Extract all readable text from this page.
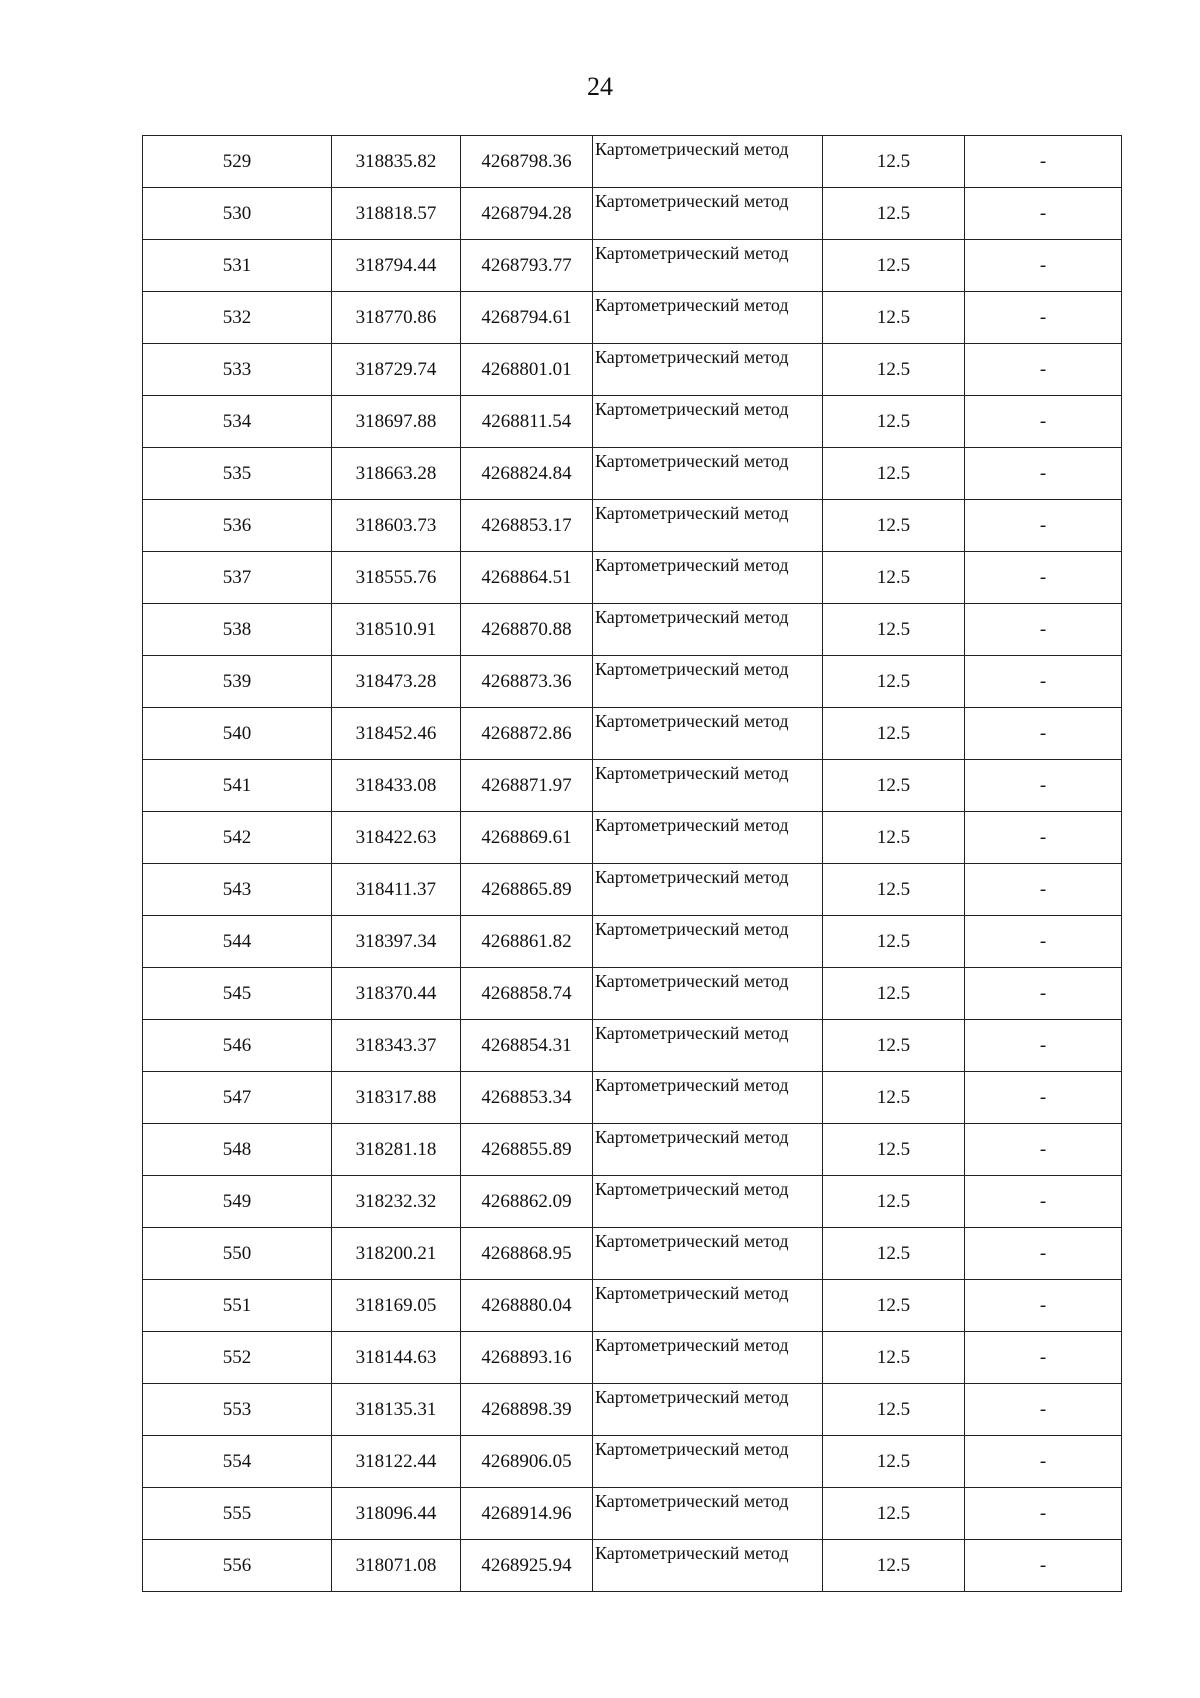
24
529	318835.82	4268798.36	Картометрический метод	12.5	-
530	318818.57	4268794.28	Картометрический метод	12.5	-
531	318794.44	4268793.77	Картометрический метод	12.5	-
532	318770.86	4268794.61	Картометрический метод	12.5	-
533	318729.74	4268801.01	Картометрический метод	12.5	-
534	318697.88	4268811.54	Картометрический метод	12.5	-
535	318663.28	4268824.84	Картометрический метод	12.5	-
536	318603.73	4268853.17	Картометрический метод	12.5	-
537	318555.76	4268864.51	Картометрический метод	12.5	-
538	318510.91	4268870.88	Картометрический метод	12.5	-
539	318473.28	4268873.36	Картометрический метод	12.5	-
540	318452.46	4268872.86	Картометрический метод	12.5	-
541	318433.08	4268871.97	Картометрический метод	12.5	-
542	318422.63	4268869.61	Картометрический метод	12.5	-
543	318411.37	4268865.89	Картометрический метод	12.5	-
544	318397.34	4268861.82	Картометрический метод	12.5	-
545	318370.44	4268858.74	Картометрический метод	12.5	-
546	318343.37	4268854.31	Картометрический метод	12.5	-
547	318317.88	4268853.34	Картометрический метод	12.5	-
548	318281.18	4268855.89	Картометрический метод	12.5	-
549	318232.32	4268862.09	Картометрический метод	12.5	-
550	318200.21	4268868.95	Картометрический метод	12.5	-
551	318169.05	4268880.04	Картометрический метод	12.5	-
552	318144.63	4268893.16	Картометрический метод	12.5	-
553	318135.31	4268898.39	Картометрический метод	12.5	-
554	318122.44	4268906.05	Картометрический метод	12.5	-
555	318096.44	4268914.96	Картометрический метод	12.5	-
556	318071.08	4268925.94	Картометрический метод	12.5	-
